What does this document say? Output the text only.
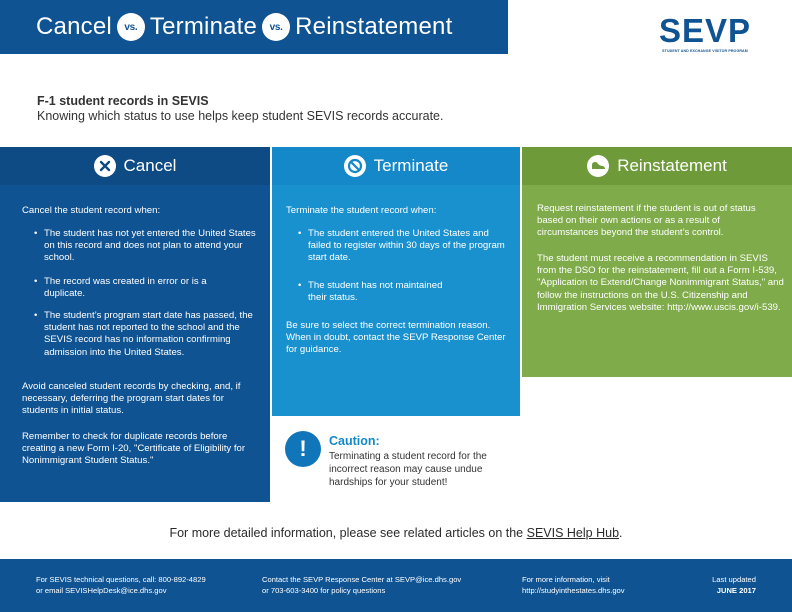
Cancel	vs. Terminate	vs. Reinstatement	SEVP
STUDENT AND EXCHANGE VISITOR PROGRAM
F-1 student records in SEVIS
Knowing which status to use helps keep student SEVIS records accurate.
Cancel	Terminate	Reinstatement

Cancel the student record when:

• The student has not yet entered the United States on this record and does not plan to attend your school.

• The record was created in error or is a duplicate.

• The student’s program start date has passed, the student has not reported to the school and the SEVIS record has no information confirming admission into the United States.

Avoid canceled student records by checking, and, if necessary, deferring the program start dates for students in initial status.

Remember to check for duplicate records before creating a new Form I-20, "Certificate of Eligibility for Nonimmigrant Student Status."

Terminate the student record when:

• The student entered the United States and failed to register within 30 days of the program start date.

• The student has not maintained their status.

Be sure to select the correct termination reason. When in doubt, contact the SEVP Response Center for guidance.

Request reinstatement if the student is out of status based on their own actions or as a result of circumstances beyond the student’s control.

The student must receive a recommendation in SEVIS from the DSO for the reinstatement, fill out a Form I-539, "Application to Extend/Change Nonimmigrant Status," and follow the instructions on the U.S. Citizenship and Immigration Services website: http://www.uscis.gov/i-539.

!	Caution:
Terminating a student record for the incorrect reason may cause undue hardships for your student!
For more detailed information, please see related articles on the SEVIS Help Hub.
For SEVIS technical questions, call: 800-892-4829
or email SEVISHelpDesk@ice.dhs.gov
Contact the SEVP Response Center at SEVP@ice.dhs.gov
or 703-603-3400 for policy questions
For more information, visit
http://studyinthestates.dhs.gov
Last updated
JUNE 2017
